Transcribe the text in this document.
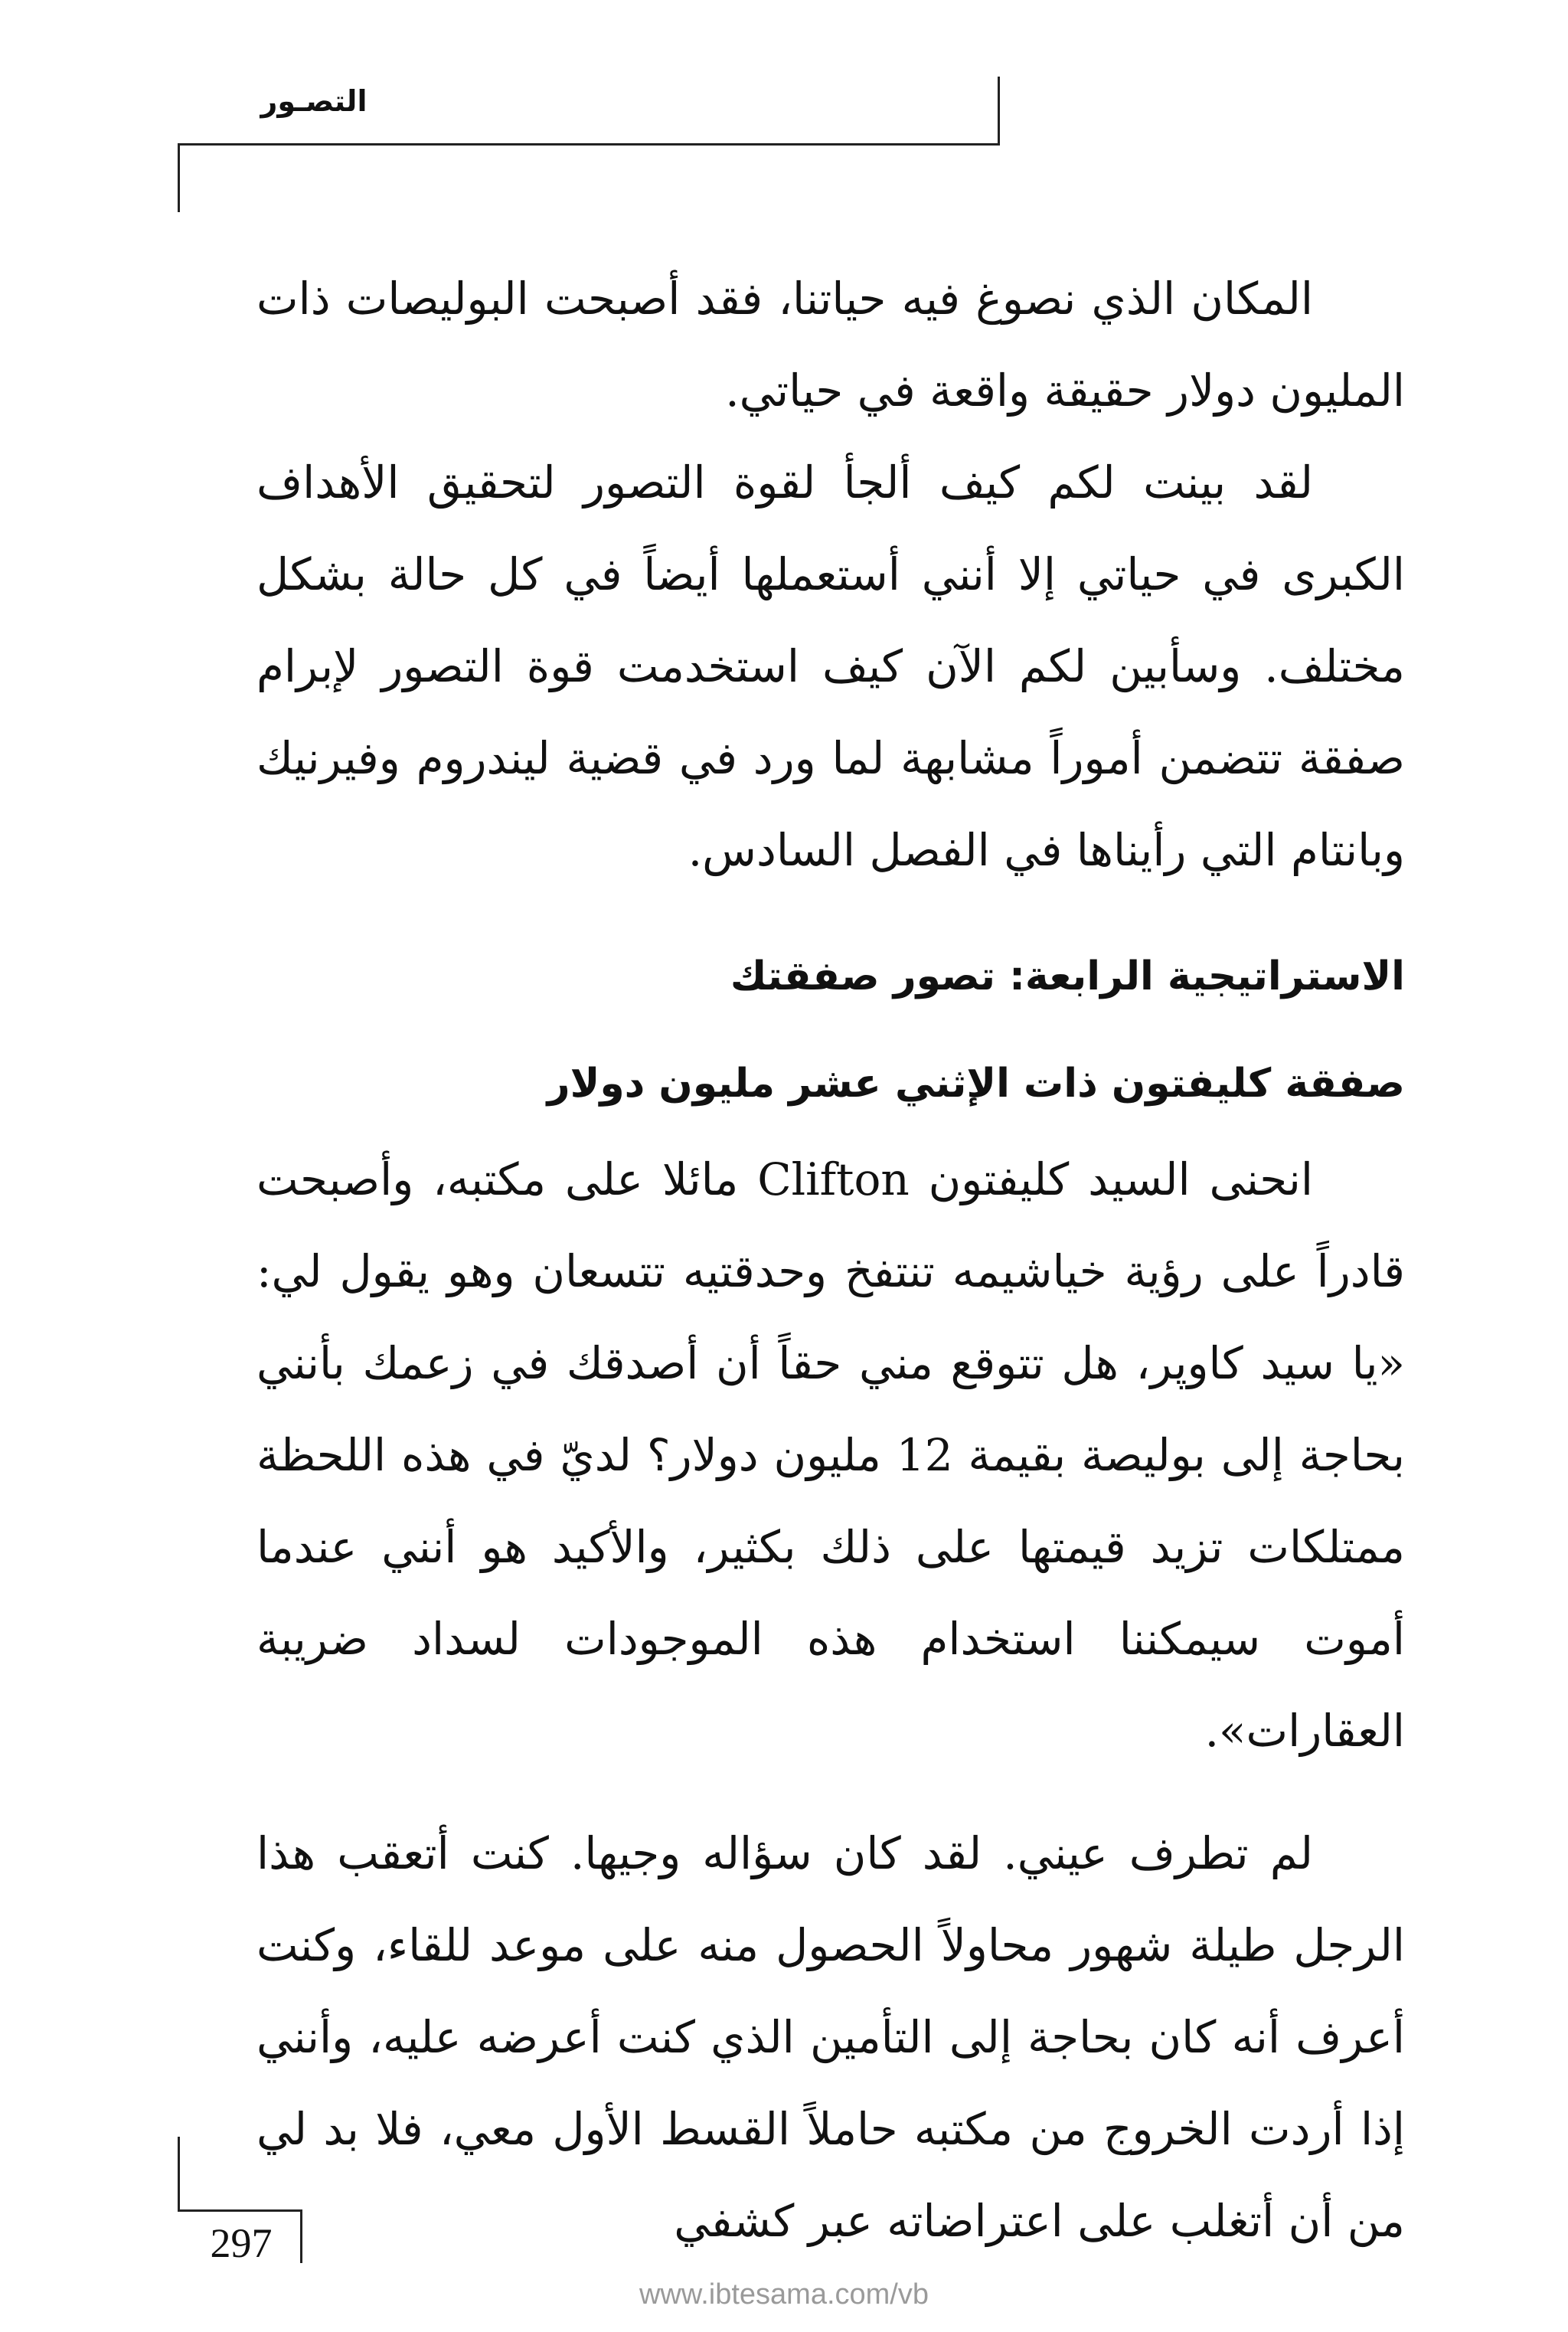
التصـور

المكان الذي نصوغ فيه حياتنا، فقد أصبحت البوليصات ذات المليون دولار حقيقة واقعة في حياتي.

لقد بينت لكم كيف ألجأ لقوة التصور لتحقيق الأهداف الكبرى في حياتي إلا أنني أستعملها أيضاً في كل حالة بشكل مختلف. وسأبين لكم الآن كيف استخدمت قوة التصور لإبرام صفقة تتضمن أموراً مشابهة لما ورد في قضية ليندروم وفيرنيك وبانتام التي رأيناها في الفصل السادس.

الاستراتيجية الرابعة: تصور صفقتك
صفقة كليفتون ذات الإثني عشر مليون دولار

انحنى السيد كليفتون Clifton مائلا على مكتبه، وأصبحت قادراً على رؤية خياشيمه تنتفخ وحدقتيه تتسعان وهو يقول لي: «يا سيد كاوپر، هل تتوقع مني حقاً أن أصدقك في زعمك بأنني بحاجة إلى بوليصة بقيمة 12 مليون دولار؟ لديّ في هذه اللحظة ممتلكات تزيد قيمتها على ذلك بكثير، والأكيد هو أنني عندما أموت سيمكننا استخدام هذه الموجودات لسداد ضريبة العقارات».

لم تطرف عيني. لقد كان سؤاله وجيها. كنت أتعقب هذا الرجل طيلة شهور محاولاً الحصول منه على موعد للقاء، وكنت أعرف أنه كان بحاجة إلى التأمين الذي كنت أعرضه عليه، وأنني إذا أردت الخروج من مكتبه حاملاً القسط الأول معي، فلا بد لي من أن أتغلب على اعتراضاته عبر كشفي

297
www.ibtesama.com/vb
